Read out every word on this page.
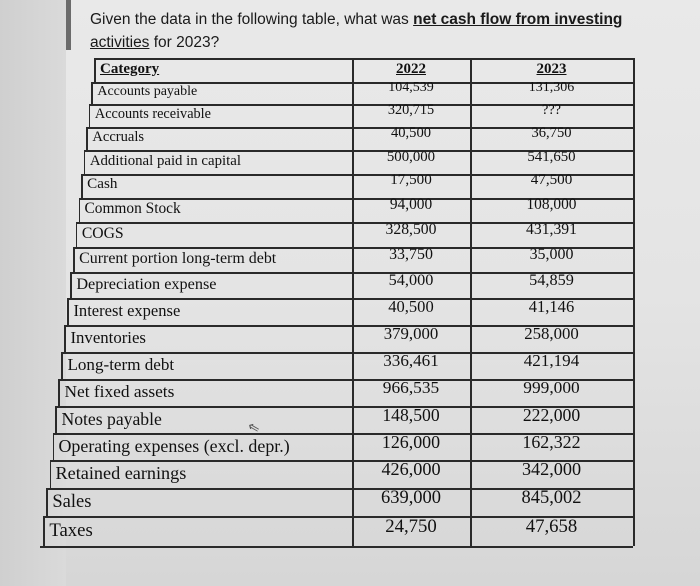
Given the data in the following table, what was net cash flow from investing
activities for 2023?
Category	2022	2023
Accounts payable	104,539	131,306
Accounts receivable	320,715	???
Accruals	40,500	36,750
Additional paid in capital	500,000	541,650
Cash	17,500	47,500
Common Stock	94,000	108,000
COGS	328,500	431,391
Current portion long-term debt	33,750	35,000
Depreciation expense	54,000	54,859
Interest expense	40,500	41,146
Inventories	379,000	258,000
Long-term debt	336,461	421,194
Net fixed assets	966,535	999,000
Notes payable	148,500	222,000
Operating expenses (excl. depr.)	126,000	162,322
Retained earnings	426,000	342,000
Sales	639,000	845,002
Taxes	24,750	47,658
⇖
